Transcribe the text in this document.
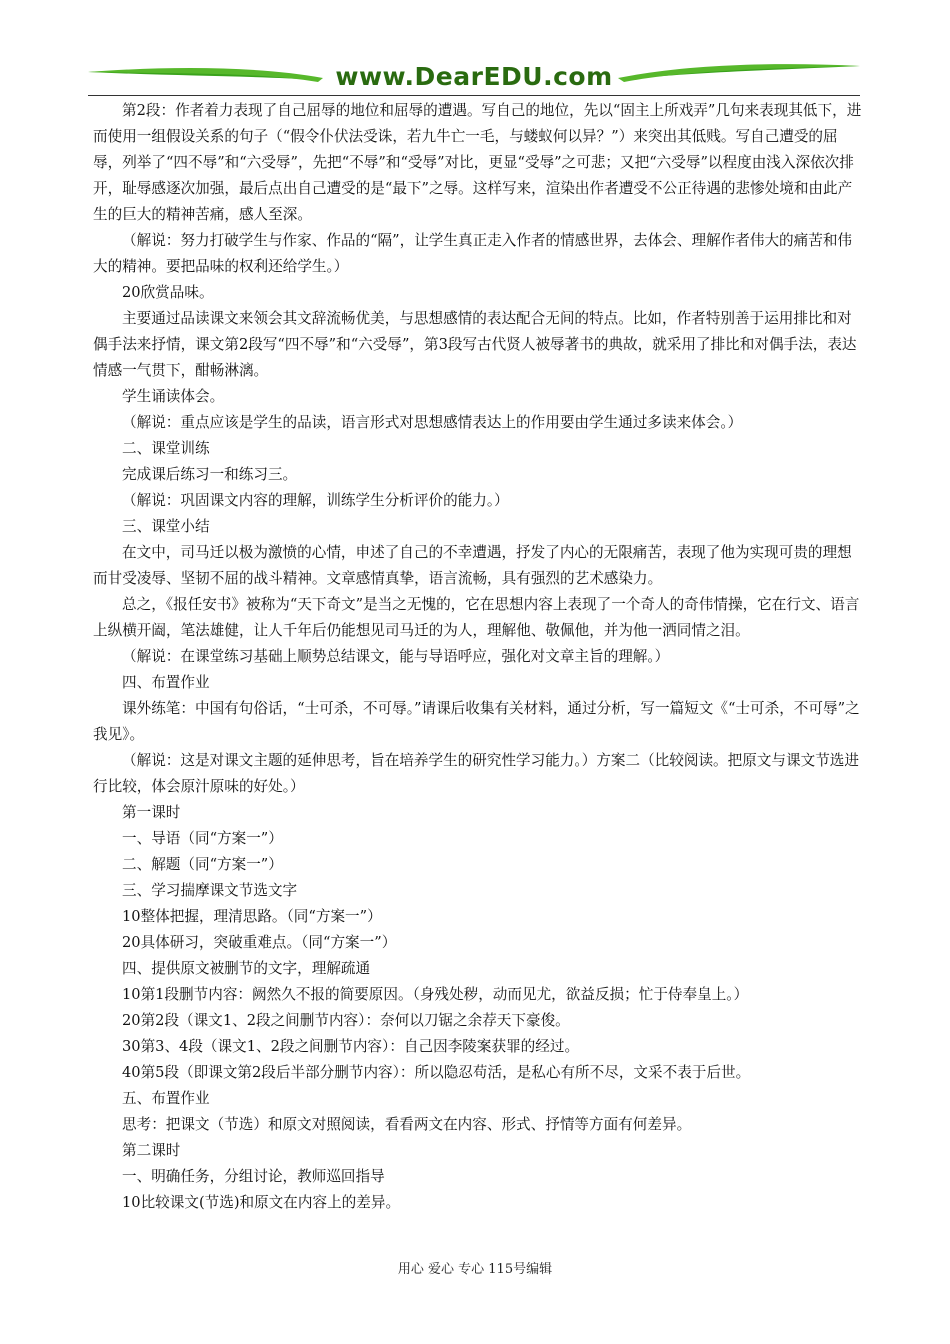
www.DearEDU.com

第2段：作者着力表现了自己屈辱的地位和屈辱的遭遇。写自己的地位，先以“固主上所戏弄”几句来表现其低下，进而使用一组假设关系的句子（“假令仆伏法受诛，若九牛亡一毛，与蝼蚁何以异？”）来突出其低贱。写自己遭受的屈辱，列举了“四不辱”和“六受辱”，先把“不辱”和“受辱”对比，更显“受辱”之可悲；又把“六受辱”以程度由浅入深依次排开，耻辱感逐次加强，最后点出自己遭受的是“最下”之辱。这样写来，渲染出作者遭受不公正待遇的悲惨处境和由此产生的巨大的精神苦痛，感人至深。

（解说：努力打破学生与作家、作品的“隔”，让学生真正走入作者的情感世界，去体会、理解作者伟大的痛苦和伟大的精神。要把品味的权利还给学生。）

20欣赏品味。

主要通过品读课文来领会其文辞流畅优美，与思想感情的表达配合无间的特点。比如，作者特别善于运用排比和对偶手法来抒情，课文第2段写“四不辱”和“六受辱”，第3段写古代贤人被辱著书的典故，就采用了排比和对偶手法，表达情感一气贯下，酣畅淋漓。

学生诵读体会。

（解说：重点应该是学生的品读，语言形式对思想感情表达上的作用要由学生通过多读来体会。）

二、课堂训练

完成课后练习一和练习三。

（解说：巩固课文内容的理解，训练学生分析评价的能力。）

三、课堂小结

在文中，司马迁以极为激愤的心情，申述了自己的不幸遭遇，抒发了内心的无限痛苦，表现了他为实现可贵的理想而甘受凌辱、坚韧不屈的战斗精神。文章感情真挚，语言流畅，具有强烈的艺术感染力。

总之，《报任安书》被称为“天下奇文”是当之无愧的，它在思想内容上表现了一个奇人的奇伟情操，它在行文、语言上纵横开阖，笔法雄健，让人千年后仍能想见司马迁的为人，理解他、敬佩他，并为他一洒同情之泪。

（解说：在课堂练习基础上顺势总结课文，能与导语呼应，强化对文章主旨的理解。）

四、布置作业

课外练笔：中国有句俗话，“士可杀，不可辱。”请课后收集有关材料，通过分析，写一篇短文《“士可杀，不可辱”之我见》。

（解说：这是对课文主题的延伸思考，旨在培养学生的研究性学习能力。）方案二（比较阅读。把原文与课文节选进行比较，体会原汁原味的好处。）

第一课时

一、导语（同“方案一”）

二、解题（同“方案一”）

三、学习揣摩课文节选文字

10整体把握，理清思路。（同“方案一”）

20具体研习，突破重难点。（同“方案一”）

四、提供原文被删节的文字，理解疏通

10第1段删节内容：阙然久不报的简要原因。（身残处秽，动而见尤，欲益反损；忙于侍奉皇上。）

20第2段（课文1、2段之间删节内容）：奈何以刀锯之余荐天下豪俊。

30第3、4段（课文1、2段之间删节内容）：自己因李陵案获罪的经过。

40第5段（即课文第2段后半部分删节内容）：所以隐忍苟活，是私心有所不尽，文采不表于后世。

五、布置作业

思考：把课文（节选）和原文对照阅读，看看两文在内容、形式、抒情等方面有何差异。

第二课时

一、明确任务，分组讨论，教师巡回指导

10比较课文(节选)和原文在内容上的差异。

用心 爱心 专心 115号编辑
